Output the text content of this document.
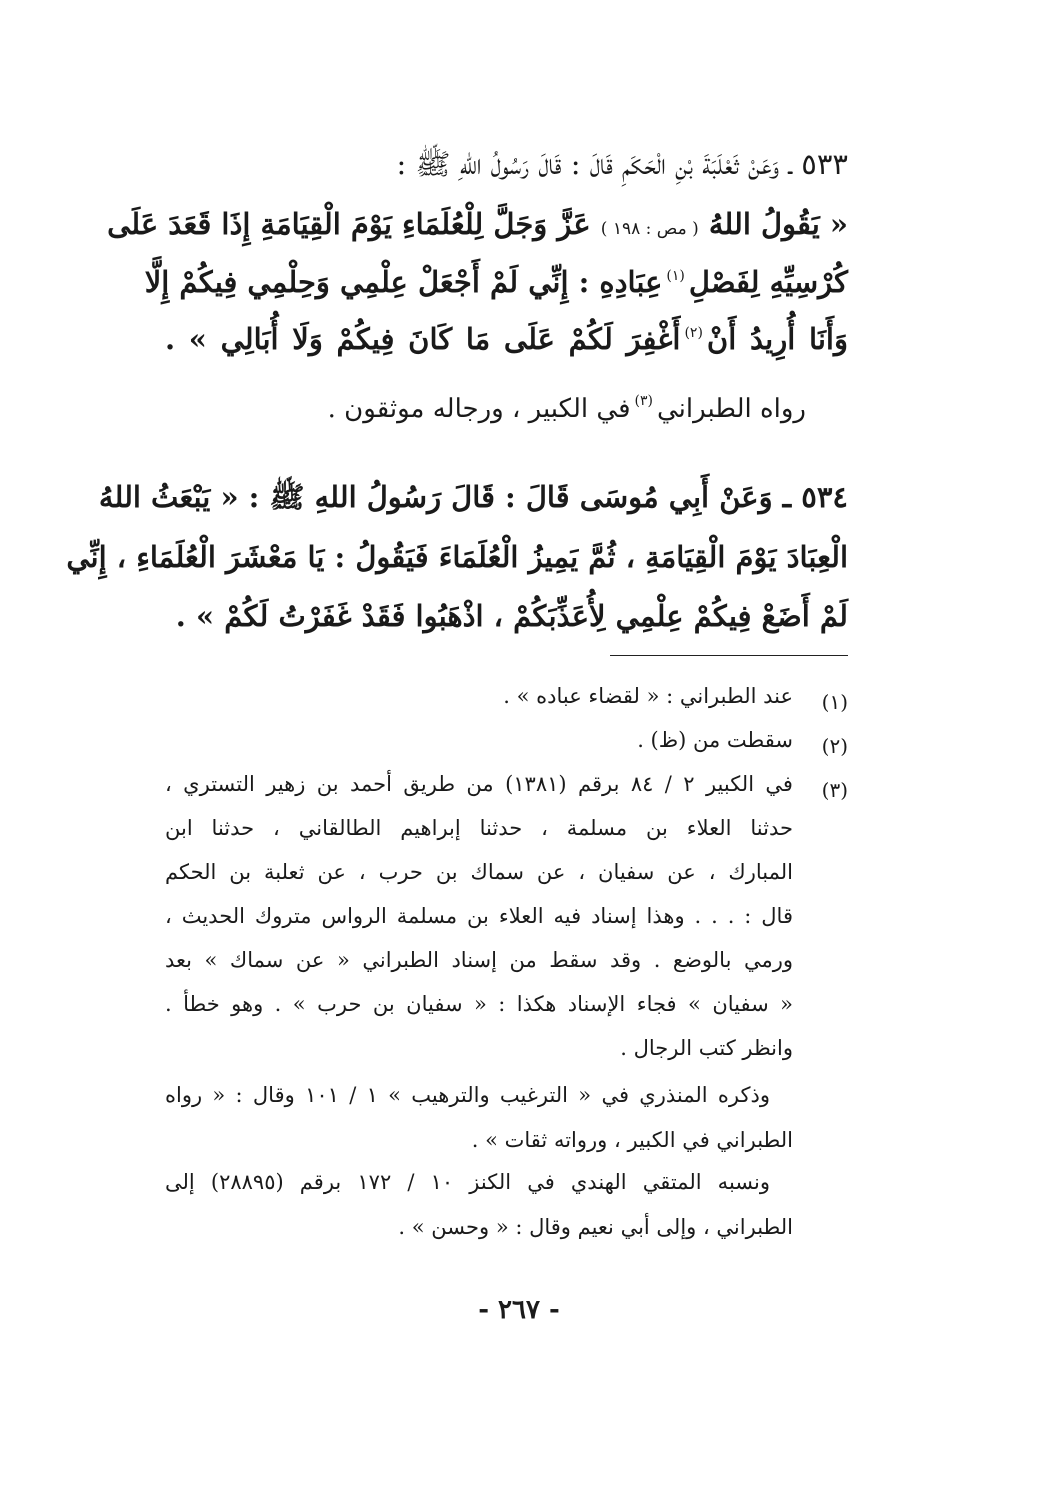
٥٣٣ ـ وَعَنْ ثَعْلَبَةَ بْنِ الْحَكَمِ قَالَ : قَالَ رَسُولُ اللهِ ﷺ :
« يَقُولُ اللهُ ( مص : ١٩٨ ) عَزَّ وَجَلَّ لِلْعُلَمَاءِ يَوْمَ الْقِيَامَةِ إِذَا قَعَدَ عَلَى
كُرْسِيِّهِ لِفَصْلِ$^{(١)}$عِبَادِهِ : إِنِّي لَمْ أَجْعَلْ عِلْمِي وَحِلْمِي فِيكُمْ إِلَّا
وَأَنَا أُرِيدُ أَنْ$^{(٢)}$أَغْفِرَ لَكُمْ عَلَى مَا كَانَ فِيكُمْ وَلَا أُبَالِي » .
رواه الطبراني$^{(٣)}$في الكبير ، ورجاله موثقون .
٥٣٤ ـ وَعَنْ أَبِي مُوسَى قَالَ : قَالَ رَسُولُ اللهِ ﷺ : « يَبْعَثُ اللهُ
الْعِبَادَ يَوْمَ الْقِيَامَةِ ، ثُمَّ يَمِيزُ الْعُلَمَاءَ فَيَقُولُ : يَا مَعْشَرَ الْعُلَمَاءِ ، إِنِّي
لَمْ أَضَعْ فِيكُمْ عِلْمِي لِأُعَذِّبَكُمْ ، اذْهَبُوا فَقَدْ غَفَرْتُ لَكُمْ » .
(١)
عند الطبراني : « لقضاء عباده » .
(٢)
سقطت من (ظ) .
(٣)
في الكبير ٢ / ٨٤ برقم (١٣٨١) من طريق أحمد بن زهير التستري ،
حدثنا العلاء بن مسلمة ، حدثنا إبراهيم الطالقاني ، حدثنا ابن
المبارك ، عن سفيان ، عن سماك بن حرب ، عن ثعلبة بن الحكم
قال : . . . وهذا إسناد فيه العلاء بن مسلمة الرواس متروك الحديث ،
ورمي بالوضع . وقد سقط من إسناد الطبراني « عن سماك » بعد
« سفيان » فجاء الإسناد هكذا : « سفيان بن حرب » . وهو خطأ .
وانظر كتب الرجال .
وذكره المنذري في « الترغيب والترهيب » ١ / ١٠١ وقال : « رواه
الطبراني في الكبير ، ورواته ثقات » .
ونسبه المتقي الهندي في الكنز ١٠ / ١٧٢ برقم (٢٨٨٩٥) إلى
الطبراني ، وإلى أبي نعيم وقال : « وحسن » .
- ٢٦٧ -
